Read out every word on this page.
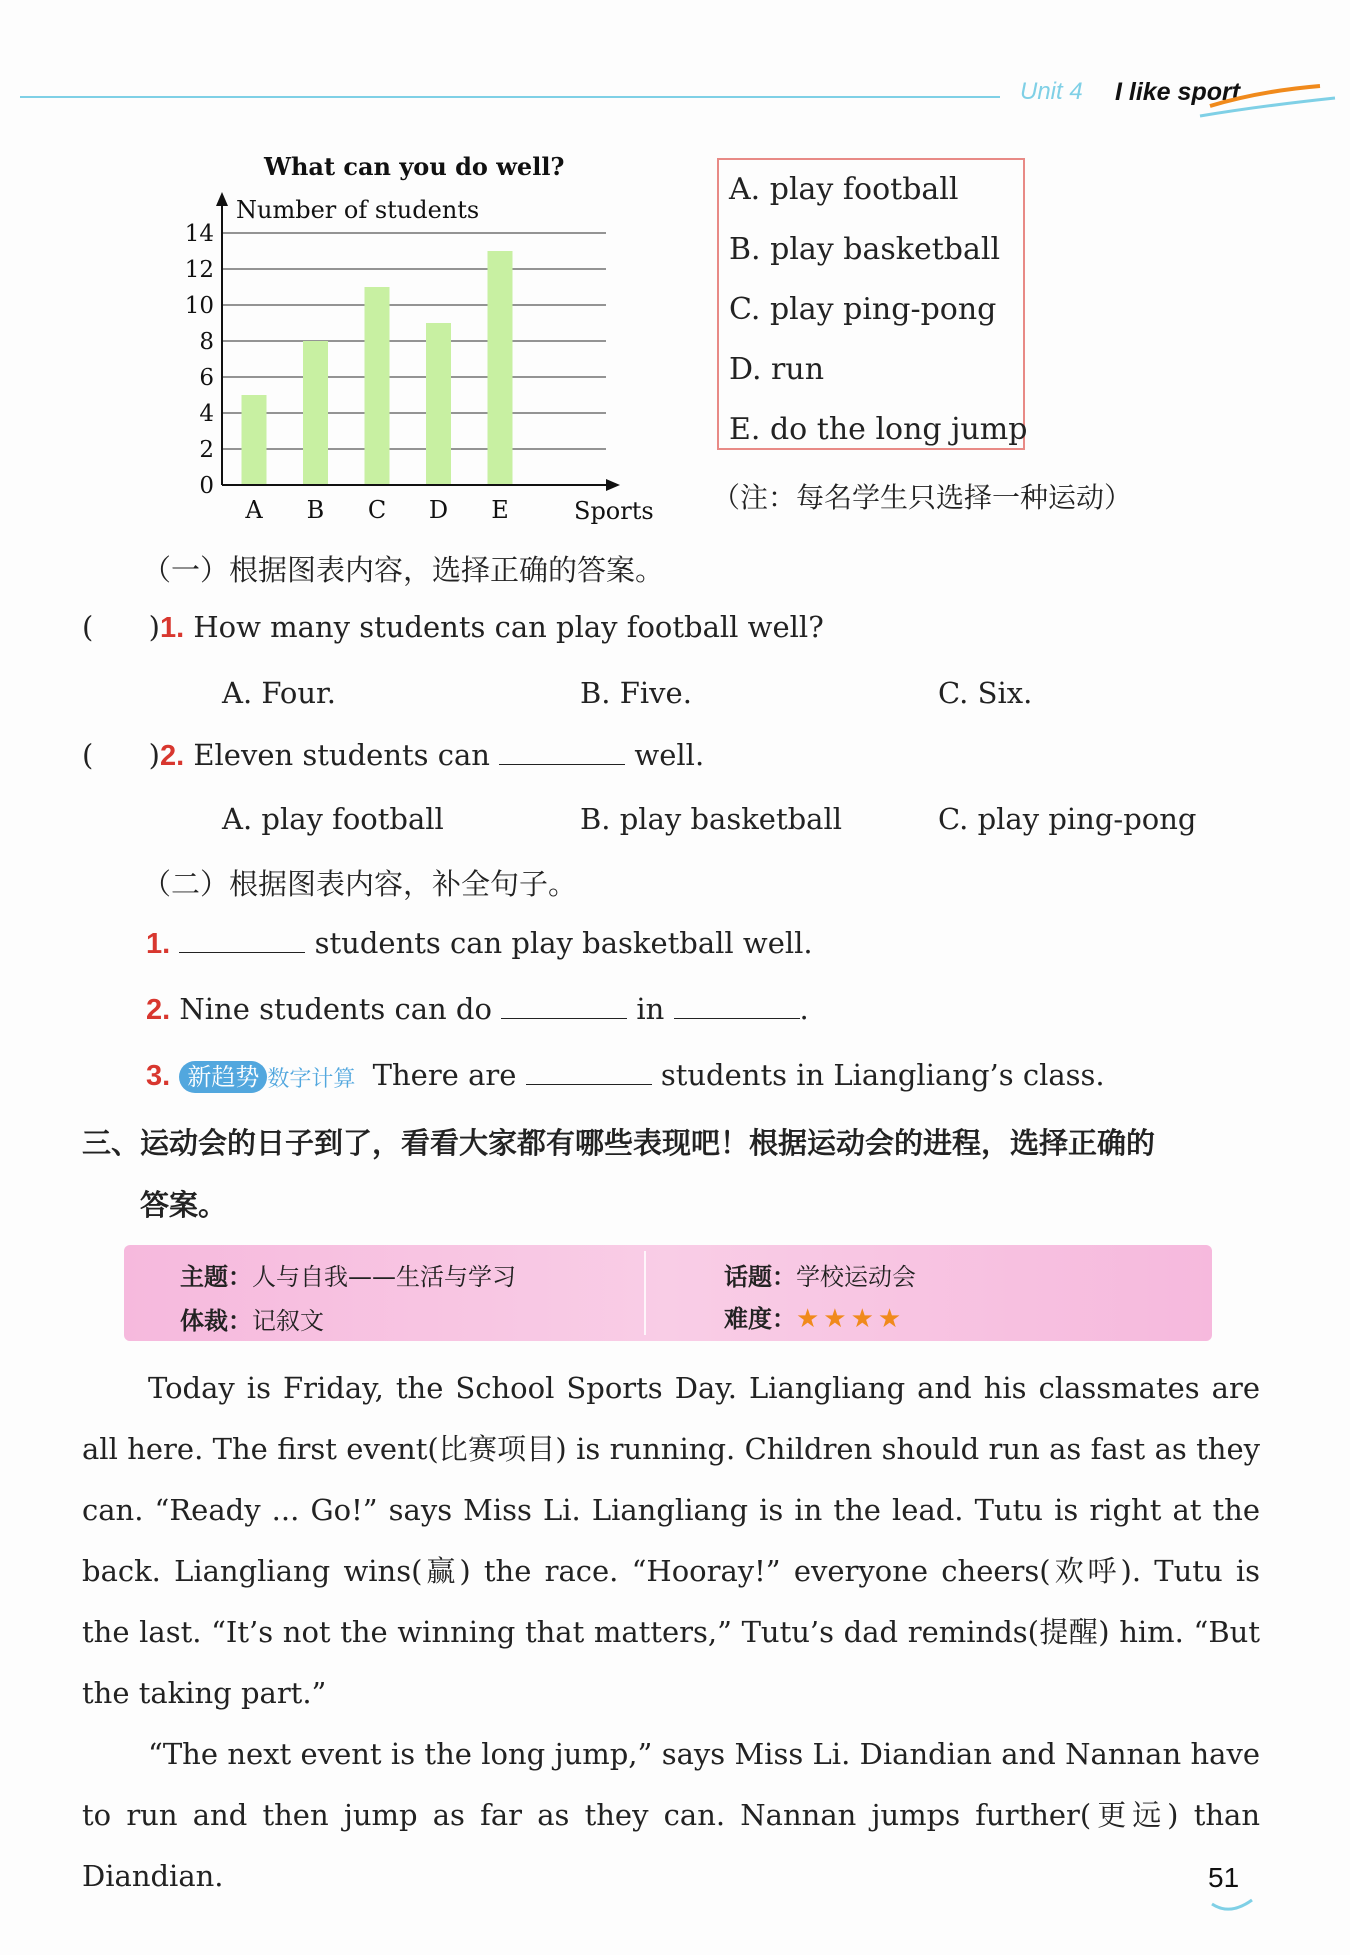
Unit 4 I like sport
What can you do well?
0
2
4
6
8
10
12
14
A B C D E
Number of students
Sports
A. play football
B. play basketball
C. play ping-pong
D. run
E. do the long jump
（注：每名学生只选择一种运动）
（一）根据图表内容，选择正确的答案。
(      )1. How many students can play football well?
A. Four.	B. Five.	C. Six.
(      )2. Eleven students can	well.
A. play football	B. play basketball	C. play ping-pong
（二）根据图表内容，补全句子。
1.	students can play basketball well.
2. Nine students can do	in	.
3. 新趋势 数字计算 There are	students in Liangliang’s class.
三、运动会的日子到了，看看大家都有哪些表现吧！根据运动会的进程，选择正确的
答案。
主题：人与自我——生活与学习	话题：学校运动会
体裁：记叙文	难度：★★★★

Today is Friday, the School Sports Day. Liangliang and his classmates are all here. The first event(比赛项目) is running. Children should run as fast as they can. “Ready ... Go!” says Miss Li. Liangliang is in the lead. Tutu is right at the back. Liangliang wins(赢) the race. “Hooray!” everyone cheers(欢呼). Tutu is the last. “It’s not the winning that matters,” Tutu’s dad reminds(提醒) him. “But the taking part.”

“The next event is the long jump,” says Miss Li. Diandian and Nannan have to run and then jump as far as they can. Nannan jumps further(更远) than Diandian.	51
